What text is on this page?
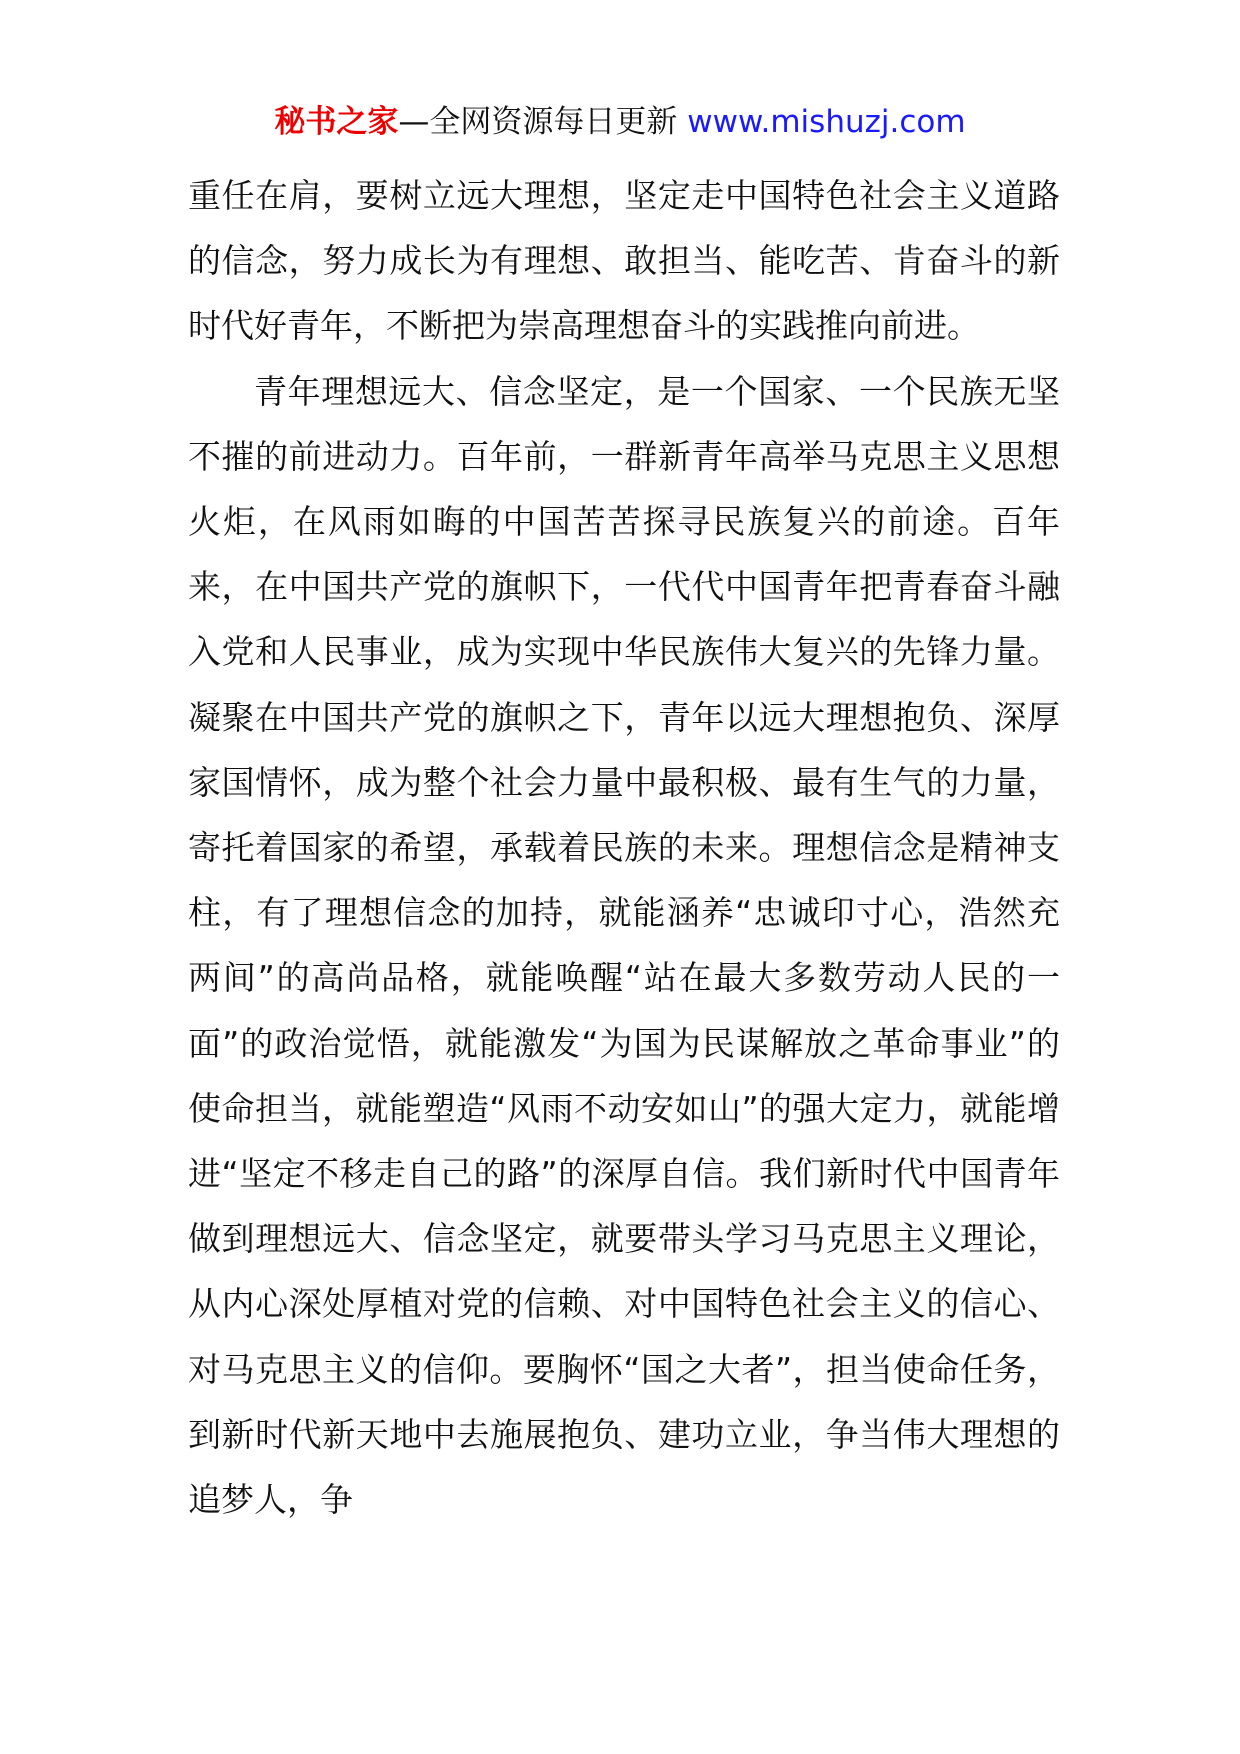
秘书之家—全网资源每日更新 www.mishuzj.com

重任在肩，要树立远大理想，坚定走中国特色社会主义道路的信念，努力成长为有理想、敢担当、能吃苦、肯奋斗的新时代好青年，不断把为崇高理想奋斗的实践推向前进。

青年理想远大、信念坚定，是一个国家、一个民族无坚不摧的前进动力。百年前，一群新青年高举马克思主义思想火炬，在风雨如晦的中国苦苦探寻民族复兴的前途。百年来，在中国共产党的旗帜下，一代代中国青年把青春奋斗融入党和人民事业，成为实现中华民族伟大复兴的先锋力量。凝聚在中国共产党的旗帜之下，青年以远大理想抱负、深厚家国情怀，成为整个社会力量中最积极、最有生气的力量，寄托着国家的希望，承载着民族的未来。理想信念是精神支柱，有了理想信念的加持，就能涵养“忠诚印寸心，浩然充两间”的高尚品格，就能唤醒“站在最大多数劳动人民的一面”的政治觉悟，就能激发“为国为民谋解放之革命事业”的使命担当，就能塑造“风雨不动安如山”的强大定力，就能增进“坚定不移走自己的路”的深厚自信。我们新时代中国青年做到理想远大、信念坚定，就要带头学习马克思主义理论，从内心深处厚植对党的信赖、对中国特色社会主义的信心、对马克思主义的信仰。要胸怀“国之大者”，担当使命任务，到新时代新天地中去施展抱负、建功立业，争当伟大理想的追梦人，争
